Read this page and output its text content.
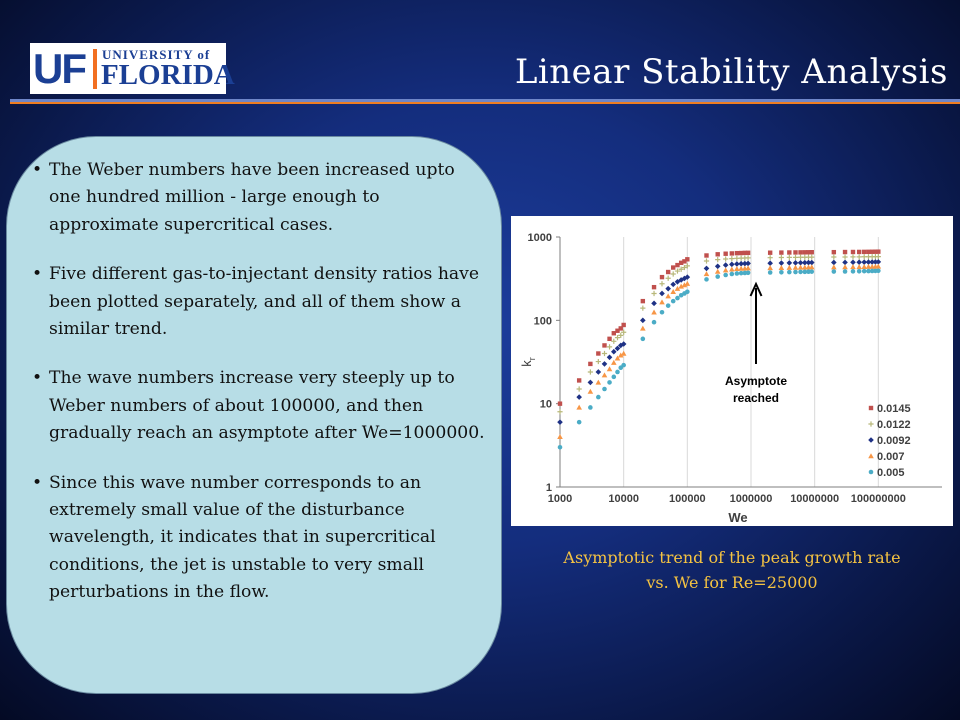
UF UNIVERSITY of
FLORIDA	Linear Stability Analysis
• The Weber numbers have been increased upto one hundred million - large enough to approximate supercritical cases.
• Five different gas-to-injectant density ratios have been plotted separately, and all of them show a similar trend.
• The wave numbers increase very steeply up to Weber numbers of about 100000, and then gradually reach an asymptote after We=1000000.
• Since this wave number corresponds to an extremely small value of the disturbance wavelength, it indicates that in supercritical conditions, the jet is unstable to very small perturbations in the flow.
$k_r$
1000	10000	100000 1000000 10000000 100000000
1
10
100
1000
Asymptote
reached
0.0145
0.0122
0.0092
0.007
0.005
We
Asymptotic trend of the peak growth rate
vs. We for Re=25000
